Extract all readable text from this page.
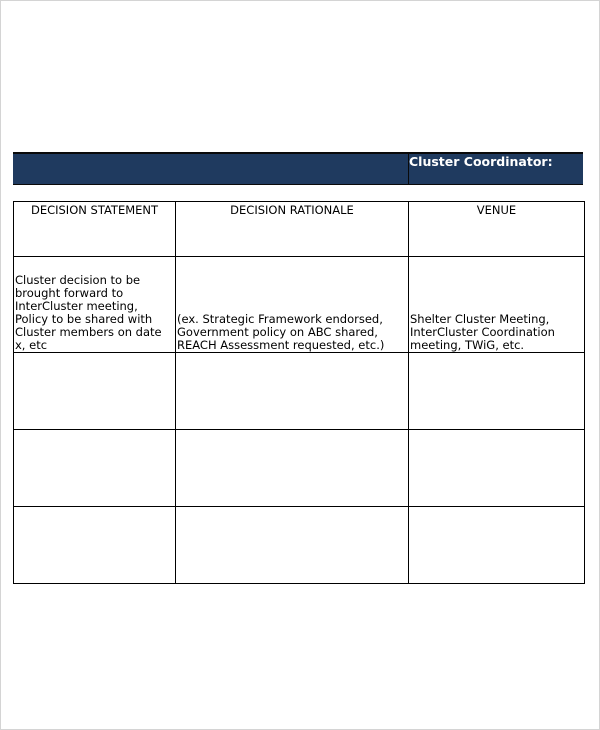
Cluster Coordinator:
DECISION STATEMENT	DECISION RATIONALE	VENUE
Cluster decision to be brought forward to InterCluster meeting, Policy to be shared with Cluster members on date x, etc	(ex. Strategic Framework endorsed, Government policy on ABC shared, REACH Assessment requested, etc.)	Shelter Cluster Meeting, InterCluster Coordination meeting, TWiG, etc.
